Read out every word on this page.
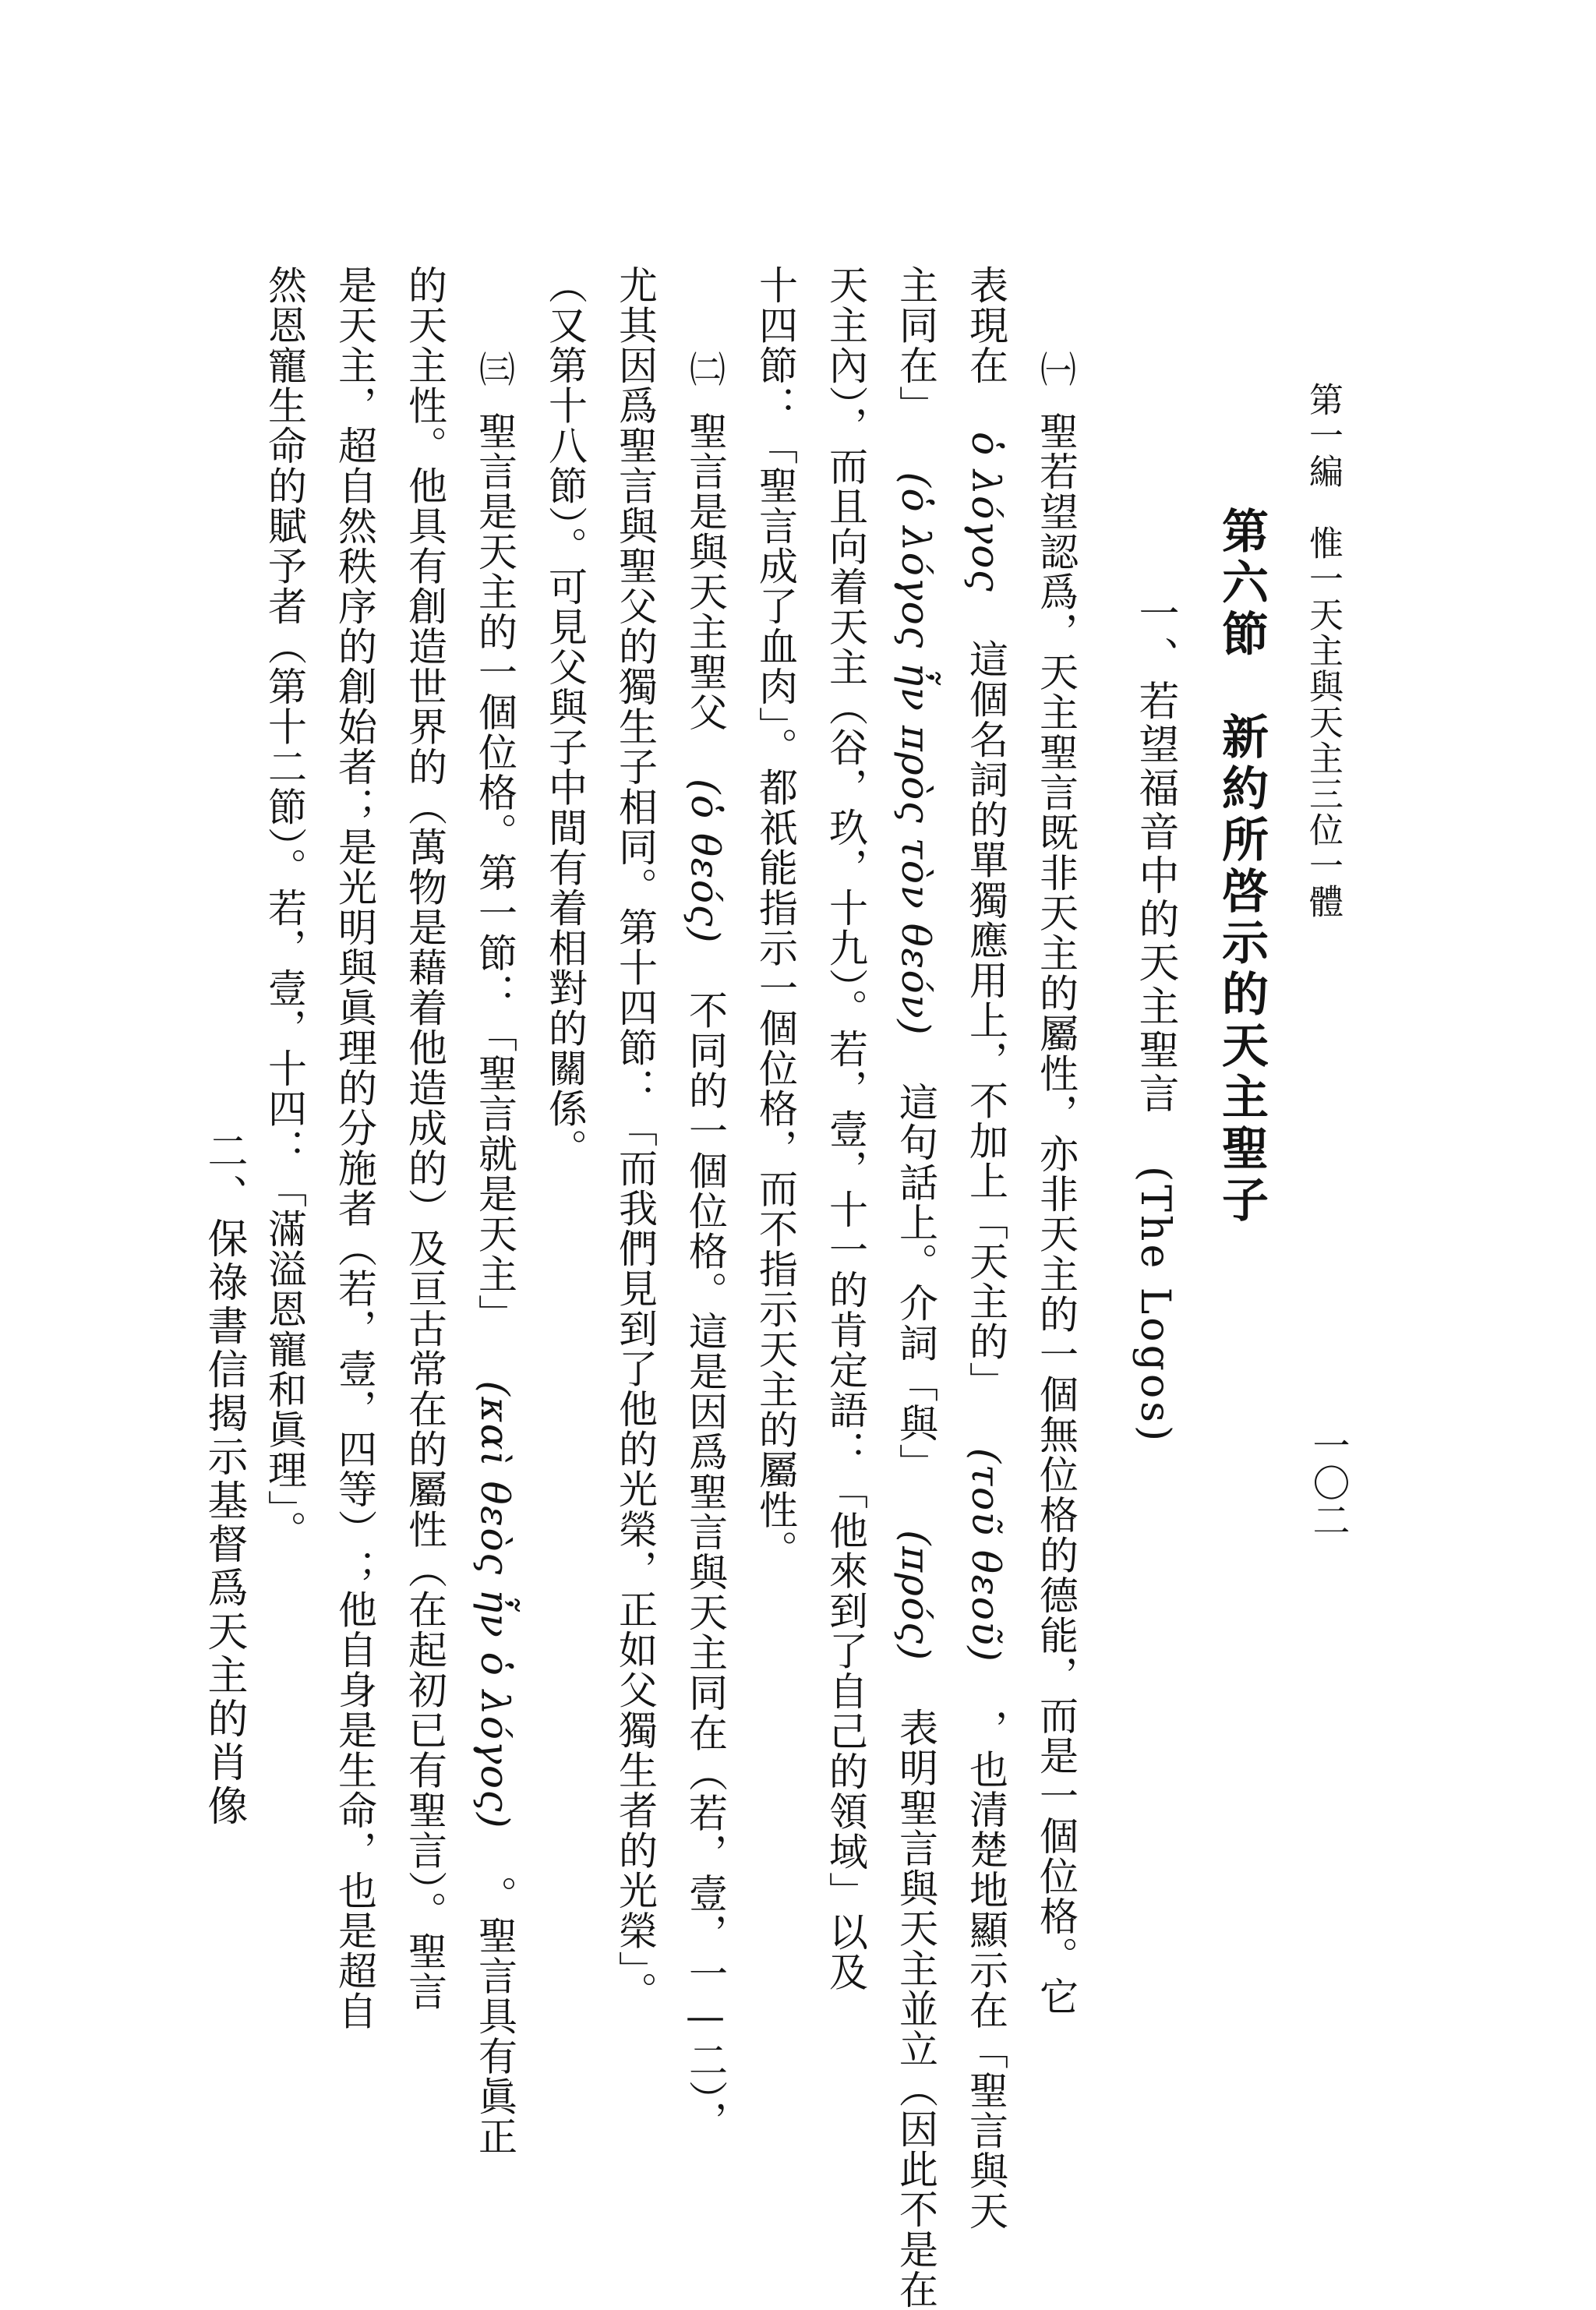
第一編　惟一天主與天主三位一體
一〇二
第六節　新約所啓示的天主聖子
一、若望福音中的天主聖言 (The Logos)
㈠聖若望認爲，天主聖言既非天主的屬性，亦非天主的一個無位格的德能，而是一個位格。它
表現在 ὁ λόγος 這個名詞的單獨應用上，不加上「天主的」 (τοῦ θεοῦ) ，也清楚地顯示在「聖言與天
主同在」 (ὁ λόγος ἦν πρὸς τὸν θεόν) 這句話上。介詞「與」 (πρός) 表明聖言與天主並立（因此不是在
天主內），而且向着天主（谷，玖，十九）。若，壹，十一的肯定語：「他來到了自己的領域」以及
十四節：「聖言成了血肉」。都祇能指示一個位格，而不指示天主的屬性。
㈡聖言是與天主聖父 (ὁ θεός) 不同的一個位格。這是因爲聖言與天主同在（若，壹，一—二），
尤其因爲聖言與聖父的獨生子相同。第十四節：「而我們見到了他的光榮，正如父獨生者的光榮」。
（又第十八節）。可見父與子中間有着相對的關係。
㈢聖言是天主的一個位格。第一節：「聖言就是天主」 (καὶ θεὸς ἦν ὁ λόγος) 。聖言具有眞正
的天主性。他具有創造世界的（萬物是藉着他造成的）及亘古常在的屬性（在起初已有聖言）。聖言
是天主，超自然秩序的創始者；是光明與眞理的分施者（若，壹，四等）；他自身是生命，也是超自
然恩寵生命的賦予者（第十二節）。若，壹，十四：「滿溢恩寵和眞理」。
二、保祿書信揭示基督爲天主的肖像
